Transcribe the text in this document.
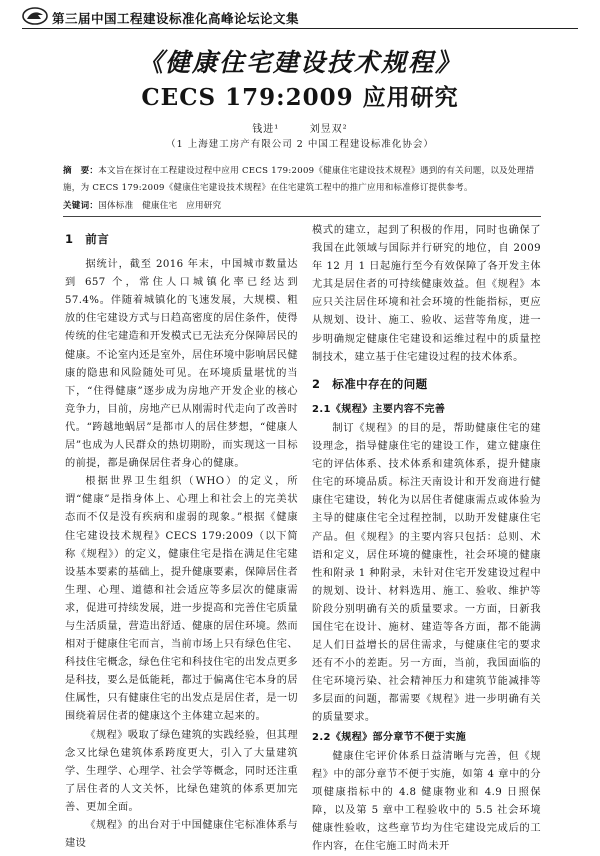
第三届中国工程建设标准化高峰论坛论文集
《健康住宅建设技术规程》
CECS 179:2009 应用研究
钱进¹	刘昱双²
（1 上海建工房产有限公司 2 中国工程建设标准化协会）
摘　要：本文旨在探讨在工程建设过程中应用 CECS 179:2009《健康住宅建设技术规程》遇到的有关问题，以及处理措施，为 CECS 179:2009《健康住宅建设技术规程》在住宅建筑工程中的推广应用和标准修订提供参考。
关键词：国体标准　健康住宅　应用研究
1　前言

据统计，截至 2016 年末，中国城市数量达到 657 个，常住人口城镇化率已经达到 57.4%。伴随着城镇化的飞速发展，大规模、粗放的住宅建设方式与日趋高密度的居住条件，使得传统的住宅建造和开发模式已无法充分保障居民的健康。不论室内还是室外，居住环境中影响居民健康的隐患和风险随处可见。在环境质量堪忧的当下，“住得健康”逐步成为房地产开发企业的核心竞争力，目前，房地产已从刚需时代走向了改善时代。“跨越地蜗居”是都市人的居住梦想，“健康人居”也成为人民群众的热切期盼，而实现这一目标的前提，都是确保居住者身心的健康。

根据世界卫生组织（WHO）的定义，所谓“健康”是指身体上、心理上和社会上的完美状态而不仅是没有疾病和虚弱的现象。”根据《健康住宅建设技术规程》CECS 179:2009（以下简称《规程》）的定义，健康住宅是指在满足住宅建设基本要素的基础上，提升健康要素，保障居住者生理、心理、道德和社会适应等多层次的健康需求，促进可持续发展，进一步提高和完善住宅质量与生活质量，营造出舒适、健康的居住环境。然而相对于健康住宅而言，当前市场上只有绿色住宅、科技住宅概念，绿色住宅和科技住宅的出发点更多是科技，要么是低能耗，都过于偏离住宅本身的居住属性，只有健康住宅的出发点是居住者，是一切围绕着居住者的健康这个主体建立起来的。

《规程》吸取了绿色建筑的实践经验，但其理念又比绿色建筑体系跨度更大，引入了大量建筑学、生理学、心理学、社会学等概念，同时还注重了居住者的人文关怀，比绿色建筑的体系更加完善、更加全面。

《规程》的出台对于中国健康住宅标准体系与建设

模式的建立，起到了积极的作用，同时也确保了我国在此领域与国际并行研究的地位，自 2009 年 12 月 1 日起施行至今有效保障了各开发主体尤其是居住者的可持续健康效益。但《规程》本应只关注居住环境和社会环境的性能指标，更应从规划、设计、施工、验收、运营等角度，进一步明确规定健康住宅建设和运维过程中的质量控制技术，建立基于住宅建设过程的技术体系。

2　标准中存在的问题
2.1《规程》主要内容不完善

制订《规程》的目的是，帮助健康住宅的建设理念，指导健康住宅的建设工作，建立健康住宅的评估体系、技术体系和建筑体系，提升健康住宅的环境品质。标注天南设计和开发商进行健康住宅建设，转化为以居住者健康需点或体验为主导的健康住宅全过程控制，以助开发健康住宅产品。但《规程》的主要内容只包括：总则、术语和定义，居住环境的健康性，社会环境的健康性和附录 1 种附录，未针对住宅开发建设过程中的规划、设计、材料选用、施工、验收、维护等阶段分别明确有关的质量要求。一方面，日新我国住宅在设计、施材、建造等各方面，都不能满足人们日益增长的居住需求，与健康住宅的要求还有不小的差距。另一方面，当前，我国面临的住宅环境污染、社会精神压力和建筑节能减排等多层面的问题，都需要《规程》进一步明确有关的质量要求。

2.2《规程》部分章节不便于实施

健康住宅评价体系日益清晰与完善，但《规程》中的部分章节不便于实施，如第 4 章中的分项健康指标中的 4.8 健康物业和 4.9 日照保障，以及第 5 章中工程验收中的 5.5 社会环境健康性验收，这些章节均为住宅建设完成后的工作内容，在住宅施工时尚未开
